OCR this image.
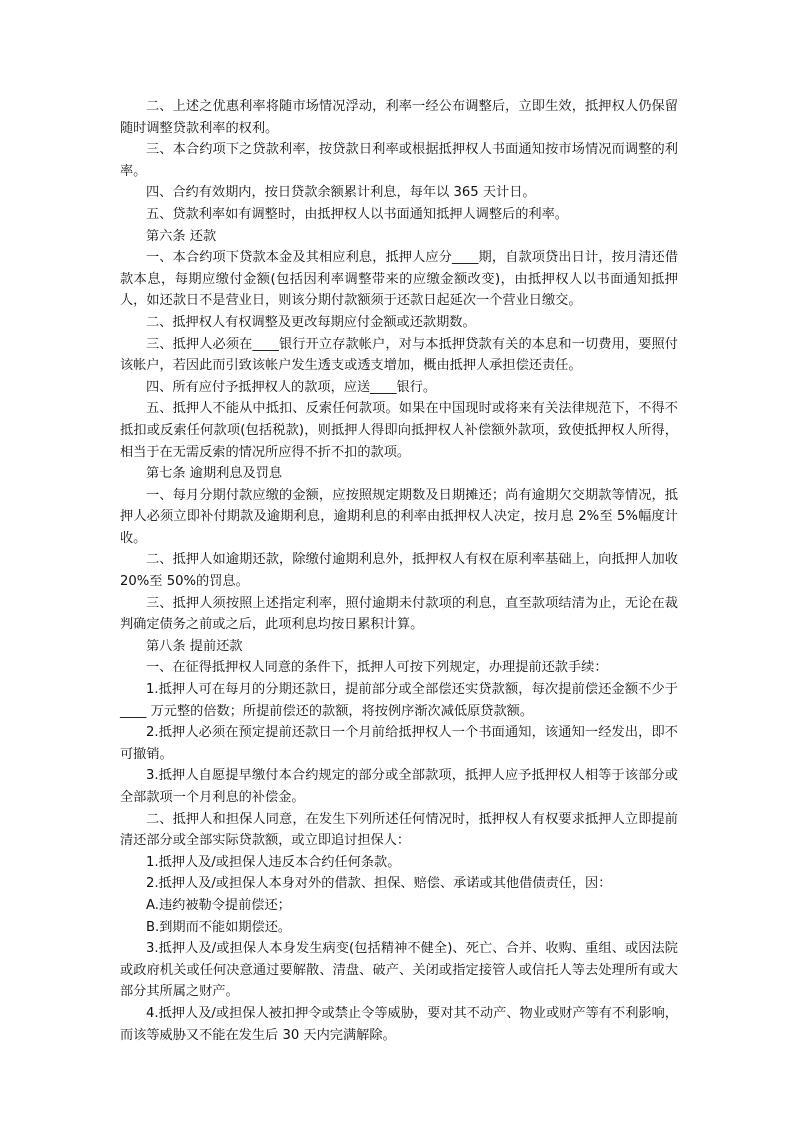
二、上述之优惠利率将随市场情况浮动，利率一经公布调整后，立即生效，抵押权人仍保留随时调整贷款利率的权利。

三、本合约项下之贷款利率，按贷款日利率或根据抵押权人书面通知按市场情况而调整的利率。

四、合约有效期内，按日贷款余额累计利息，每年以 365 天计日。

五、贷款利率如有调整时，由抵押权人以书面通知抵押人调整后的利率。

第六条 还款

一、本合约项下贷款本金及其相应利息，抵押人应分____期，自款项贷出日计，按月清还借款本息，每期应缴付金额(包括因利率调整带来的应缴金额改变)，由抵押权人以书面通知抵押人，如还款日不是营业日，则该分期付款额须于还款日起延次一个营业日缴交。

二、抵押权人有权调整及更改每期应付金额或还款期数。

三、抵押人必须在____银行开立存款帐户，对与本抵押贷款有关的本息和一切费用，要照付该帐户，若因此而引致该帐户发生透支或透支增加，概由抵押人承担偿还责任。

四、所有应付予抵押权人的款项，应送____银行。

五、抵押人不能从中抵扣、反索任何款项。如果在中国现时或将来有关法律规范下，不得不抵扣或反索任何款项(包括税款)，则抵押人得即向抵押权人补偿额外款项，致使抵押权人所得，相当于在无需反索的情况所应得不折不扣的款项。

第七条 逾期利息及罚息

一、每月分期付款应缴的金额，应按照规定期数及日期摊还；尚有逾期欠交期款等情况，抵押人必须立即补付期款及逾期利息，逾期利息的利率由抵押权人决定，按月息 2%至 5%幅度计收。

二、抵押人如逾期还款，除缴付逾期利息外，抵押权人有权在原利率基础上，向抵押人加收 20%至 50%的罚息。

三、抵押人须按照上述指定利率，照付逾期未付款项的利息，直至款项结清为止，无论在裁判确定债务之前或之后，此项利息均按日累积计算。

第八条 提前还款

一、在征得抵押权人同意的条件下，抵押人可按下列规定，办理提前还款手续：

1.抵押人可在每月的分期还款日，提前部分或全部偿还实贷款额，每次提前偿还金额不少于____ 万元整的倍数；所提前偿还的款额，将按例序渐次减低原贷款额。

2.抵押人必须在预定提前还款日一个月前给抵押权人一个书面通知，该通知一经发出，即不可撤销。

3.抵押人自愿提早缴付本合约规定的部分或全部款项，抵押人应予抵押权人相等于该部分或全部款项一个月利息的补偿金。

二、抵押人和担保人同意，在发生下列所述任何情况时，抵押权人有权要求抵押人立即提前清还部分或全部实际贷款额，或立即追讨担保人：

1.抵押人及/或担保人违反本合约任何条款。

2.抵押人及/或担保人本身对外的借款、担保、赔偿、承诺或其他借债责任，因：

A.违约被勒令提前偿还；

B.到期而不能如期偿还。

3.抵押人及/或担保人本身发生病变(包括精神不健全)、死亡、合并、收购、重组、或因法院或政府机关或任何决意通过要解散、清盘、破产、关闭或指定接管人或信托人等去处理所有或大部分其所属之财产。

4.抵押人及/或担保人被扣押令或禁止令等威胁，要对其不动产、物业或财产等有不利影响，而该等威胁又不能在发生后 30 天内完满解除。
